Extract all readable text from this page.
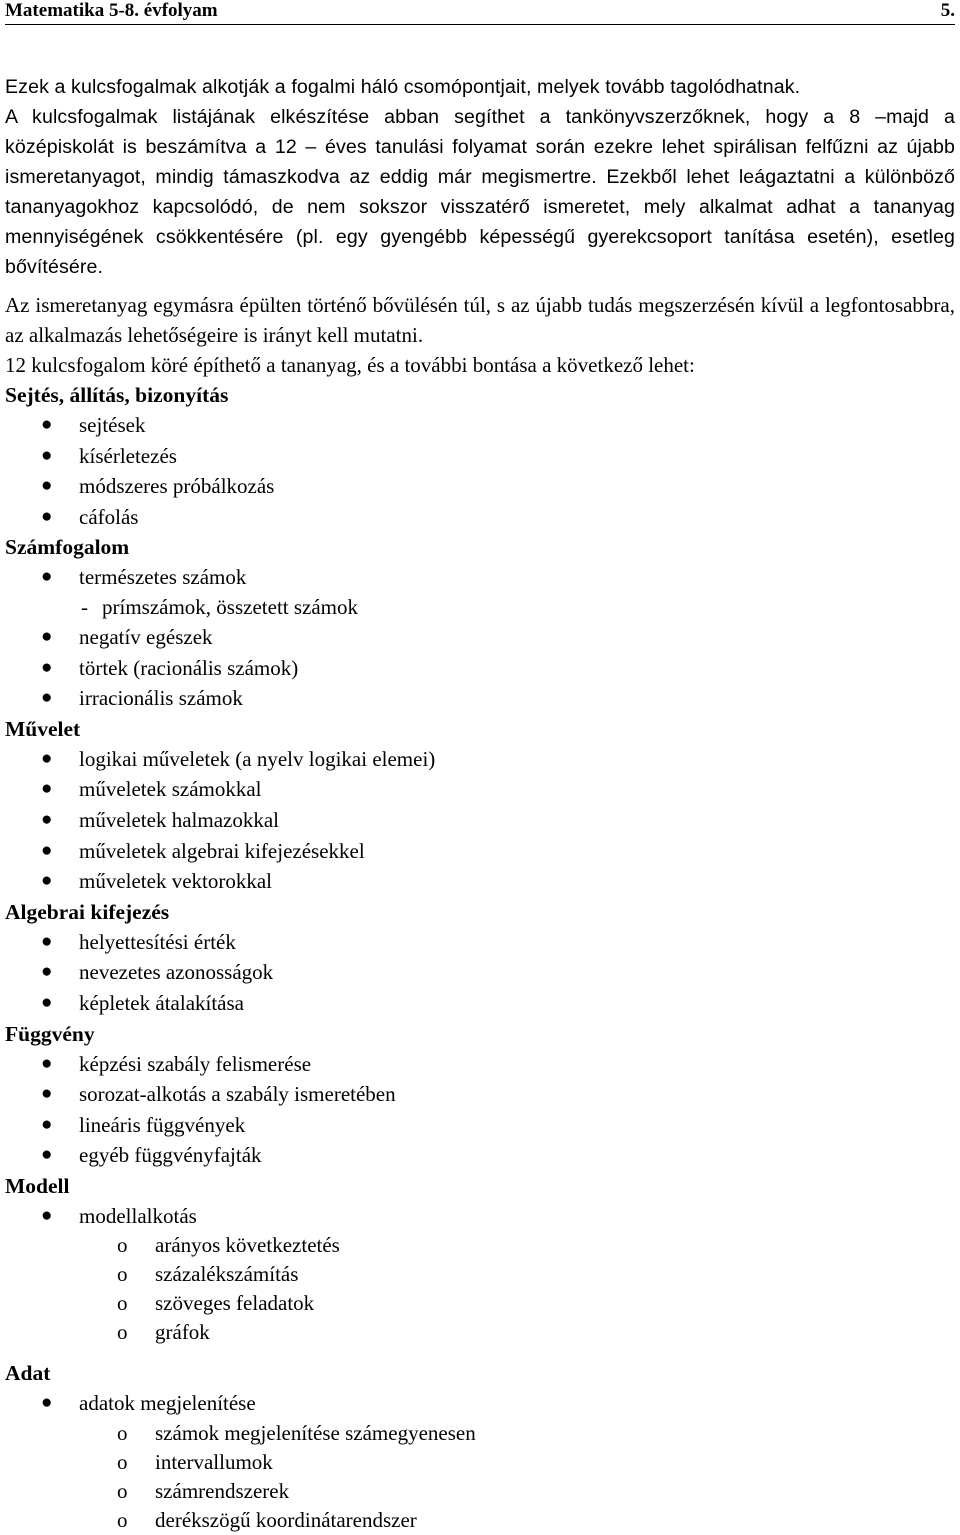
Matematika 5-8. évfolyam	5.

Ezek a kulcsfogalmak alkotják a fogalmi háló csomópontjait, melyek tovább tagolódhatnak.

A kulcsfogalmak listájának elkészítése abban segíthet a tankönyvszerzőknek, hogy a 8 –majd a középiskolát is beszámítva a 12 – éves tanulási folyamat során ezekre lehet spirálisan felfűzni az újabb ismeretanyagot, mindig támaszkodva az eddig már megismertre. Ezekből lehet leágaztatni a különböző tananyagokhoz kapcsolódó, de nem sokszor visszatérő ismeretet, mely alkalmat adhat a tananyag mennyiségének csökkentésére (pl. egy gyengébb képességű gyerekcsoport tanítása esetén), esetleg bővítésére.

Az ismeretanyag egymásra épülten történő bővülésén túl, s az újabb tudás megszerzésén kívül a legfontosabbra, az alkalmazás lehetőségeire is irányt kell mutatni.

12 kulcsfogalom köré építhető a tananyag, és a további bontása a következő lehet:

Sejtés, állítás, bizonyítás
● sejtések
● kísérletezés
● módszeres próbálkozás
● cáfolás
Számfogalom
● természetes számok
- prímszámok, összetett számok
● negatív egészek
● törtek (racionális számok)
● irracionális számok
Művelet
● logikai műveletek (a nyelv logikai elemei)
● műveletek számokkal
● műveletek halmazokkal
● műveletek algebrai kifejezésekkel
● műveletek vektorokkal
Algebrai kifejezés
● helyettesítési érték
● nevezetes azonosságok
● képletek átalakítása
Függvény
● képzési szabály felismerése
● sorozat-alkotás a szabály ismeretében
● lineáris függvények
● egyéb függvényfajták
Modell
● modellalkotás
o arányos következtetés
o százalékszámítás
o szöveges feladatok
o gráfok
Adat
● adatok megjelenítése
o számok megjelenítése számegyenesen
o intervallumok
o számrendszerek
o derékszögű koordinátarendszer
